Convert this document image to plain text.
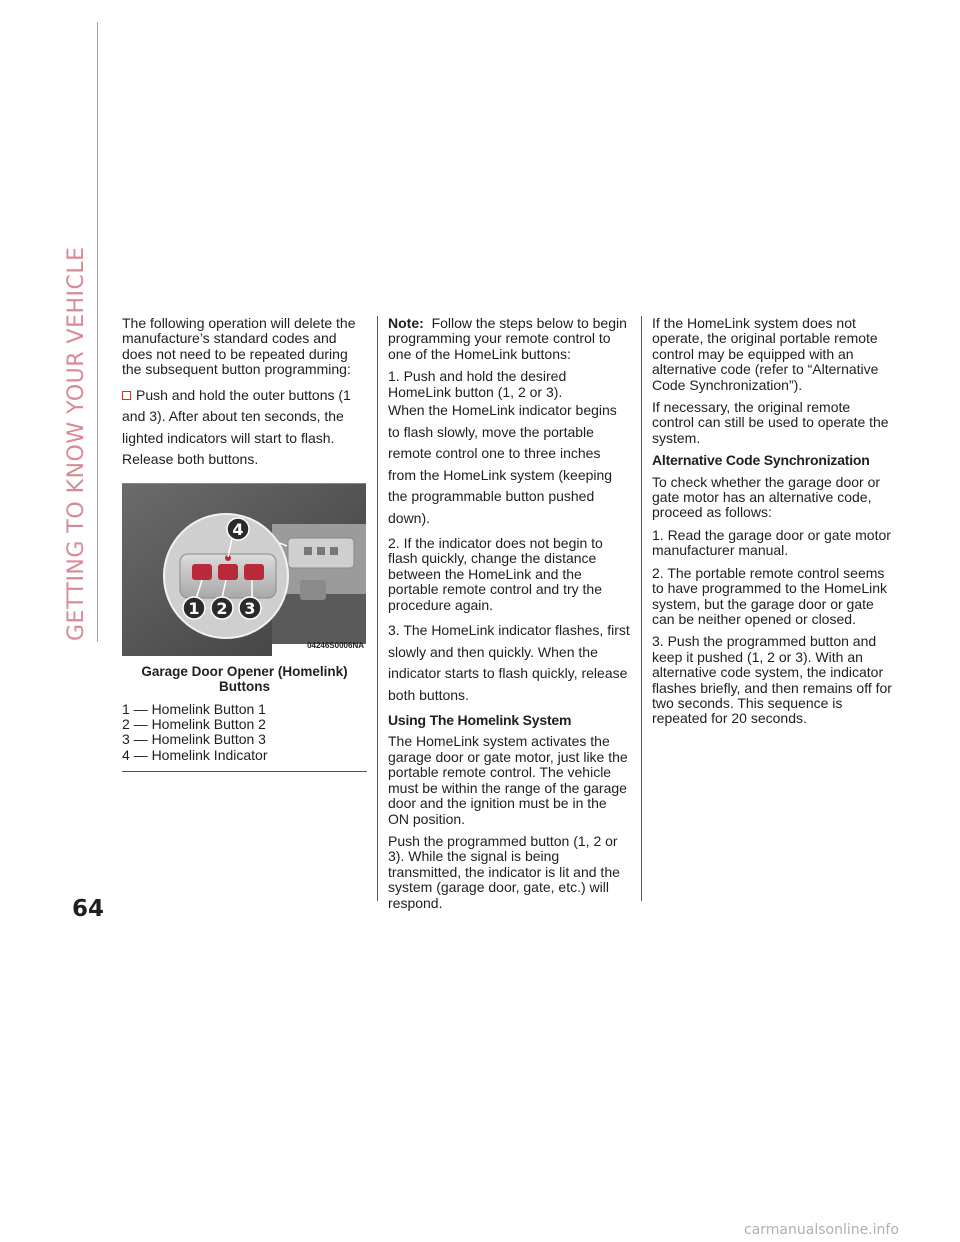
GETTING TO KNOW YOUR VEHICLE The following operation will delete the manufacture’s standard codes and does not need to be repeated during the subsequent button programming:

Push and hold the outer buttons (1 and 3). After about ten seconds, the lighted indicators will start to flash. Release both buttons.

4
1 2 3
04246S0006NA
Garage Door Opener (Homelink) Buttons
1 — Homelink Button 1
2 — Homelink Button 2
3 — Homelink Button 3
4 — Homelink Indicator

Note: Follow the steps below to begin programming your remote control to one of the HomeLink buttons:

1. Push and hold the desired HomeLink button (1, 2 or 3).

When the HomeLink indicator begins to flash slowly, move the portable remote control one to three inches from the HomeLink system (keeping the programmable button pushed down).

2. If the indicator does not begin to flash quickly, change the distance between the HomeLink and the portable remote control and try the procedure again.

3. The HomeLink indicator flashes, first slowly and then quickly. When the indicator starts to flash quickly, release both buttons.

Using The Homelink System

The HomeLink system activates the garage door or gate motor, just like the portable remote control. The vehicle must be within the range of the garage door and the ignition must be in the ON position.

Push the programmed button (1, 2 or 3). While the signal is being transmitted, the indicator is lit and the system (garage door, gate, etc.) will respond.

If the HomeLink system does not operate, the original portable remote control may be equipped with an alternative code (refer to “Alternative Code Synchronization”).

If necessary, the original remote control can still be used to operate the system.

Alternative Code Synchronization

To check whether the garage door or gate motor has an alternative code, proceed as follows:

1. Read the garage door or gate motor manufacturer manual.

2. The portable remote control seems to have programmed to the HomeLink system, but the garage door or gate can be neither opened or closed.

3. Push the programmed button and keep it pushed (1, 2 or 3). With an alternative code system, the indicator flashes briefly, and then remains off for two seconds. This sequence is repeated for 20 seconds.

64
carmanualsonline.info
